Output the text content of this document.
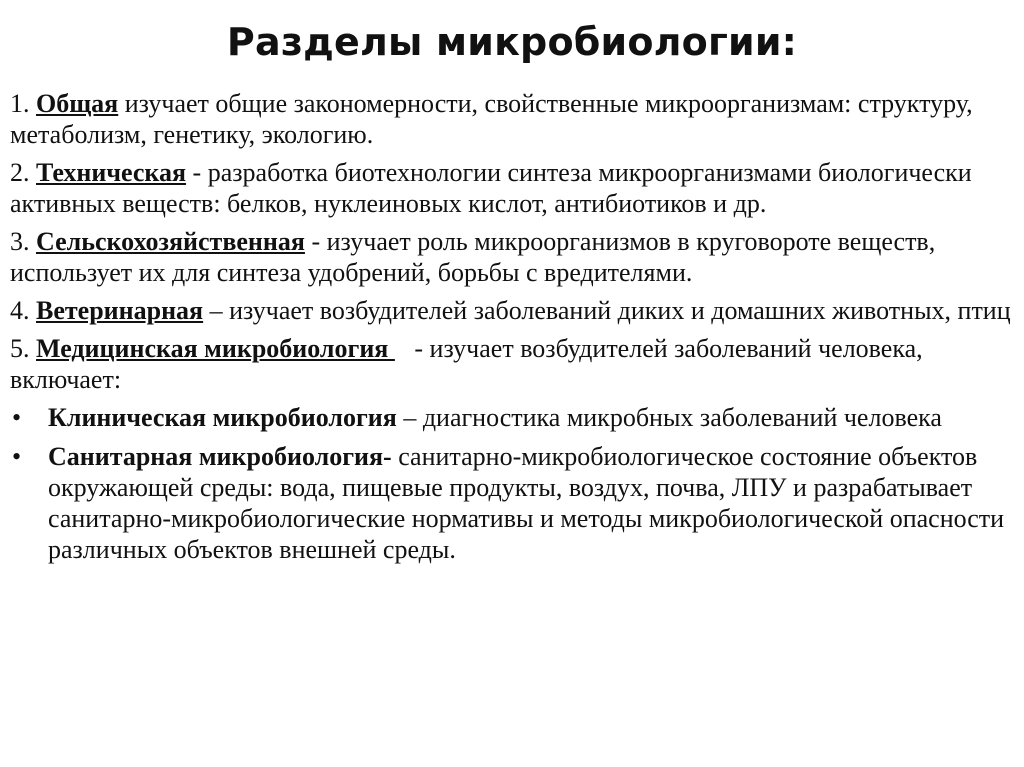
Разделы микробиологии:

1. Общая изучает общие закономерности, свойственные микроорганизмам: структуру, метаболизм, генетику, экологию.

2. Техническая - разработка биотехнологии синтеза микроорганизмами биологически активных веществ: белков, нуклеиновых кислот, антибиотиков и др.

3. Сельскохозяйственная - изучает роль микроорганизмов в круговороте веществ, использует их для синтеза удобрений, борьбы с вредителями.

4. Ветеринарная – изучает возбудителей заболеваний диких и домашних животных, птиц

5. Медицинская микробиология    - изучает возбудителей заболеваний человека, включает:

• Клиническая микробиология – диагностика микробных заболеваний человека

• Санитарная микробиология- санитарно-микробиологическое состояние объектов окружающей среды: вода, пищевые продукты, воздух, почва, ЛПУ и разрабатывает санитарно-микробиологические нормативы и методы микробиологической опасности различных объектов внешней среды.
